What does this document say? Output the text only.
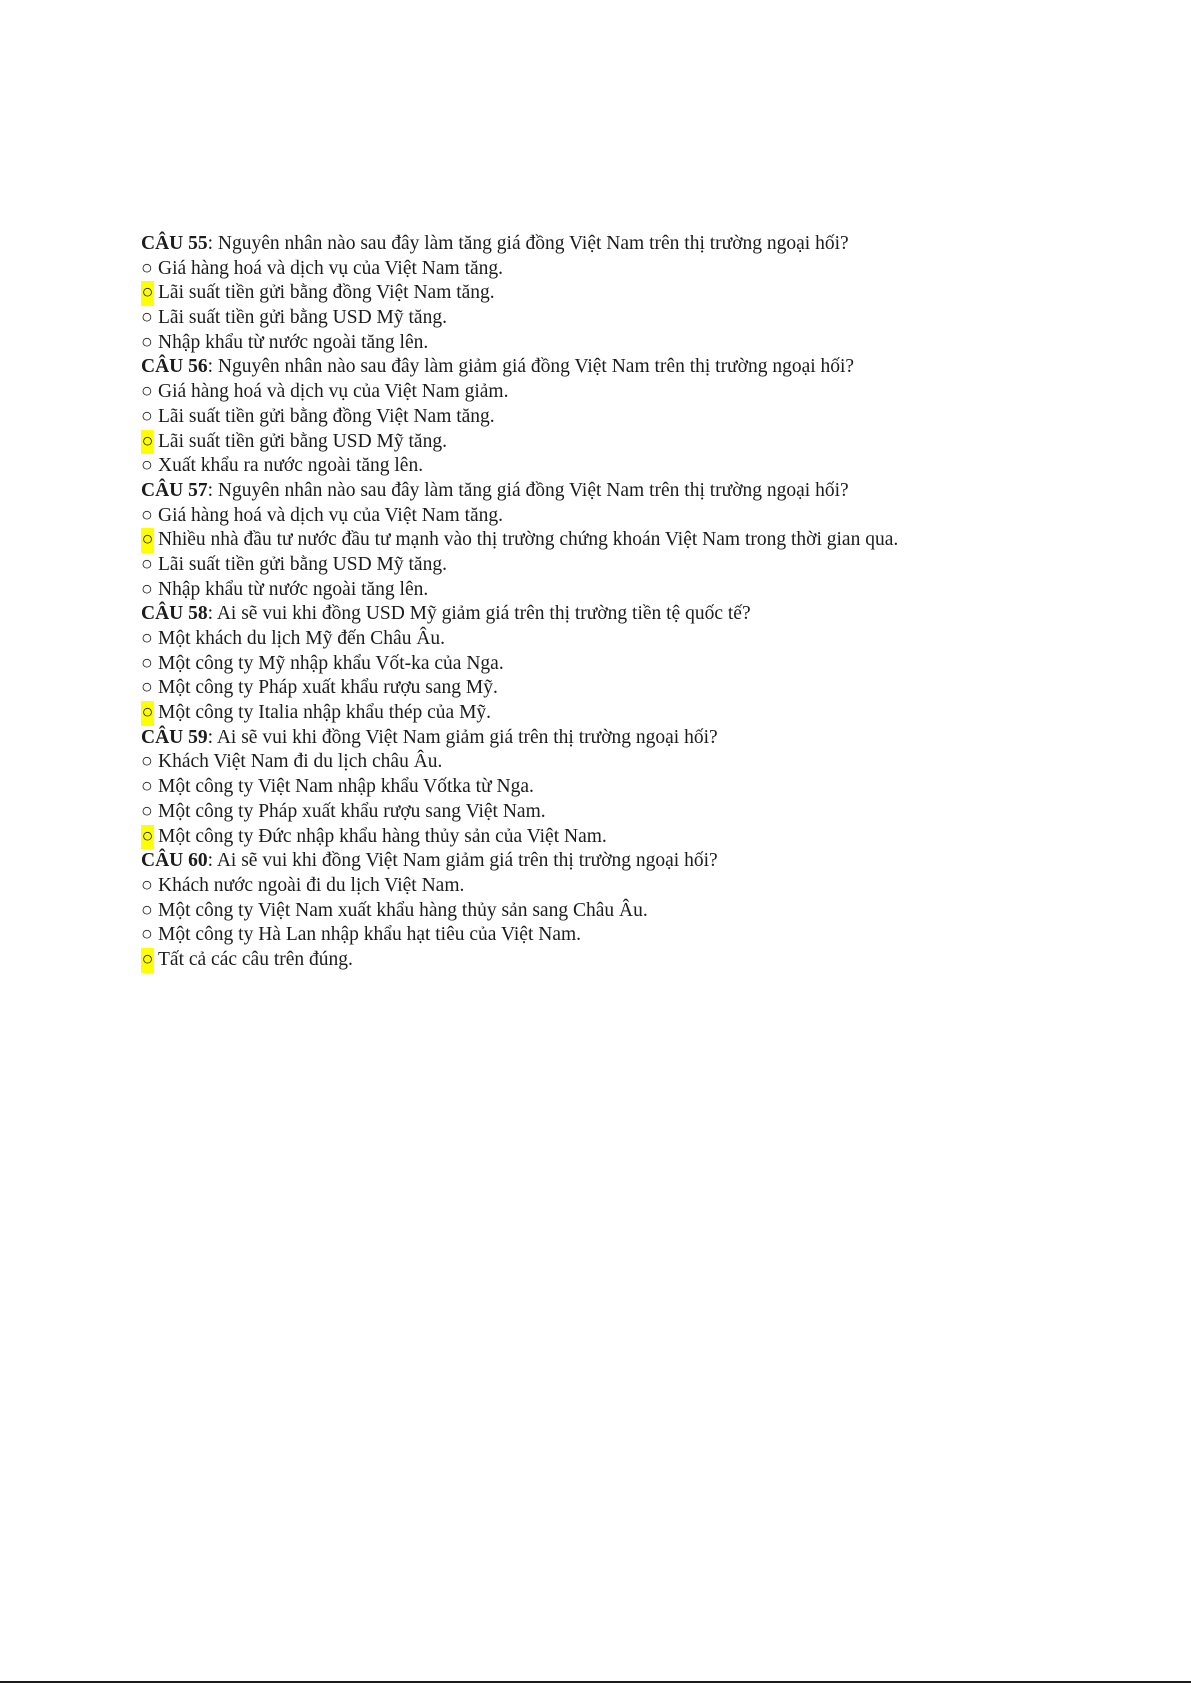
CÂU 55: Nguyên nhân nào sau đây làm tăng giá đồng Việt Nam trên thị trường ngoại hối?
○ Giá hàng hoá và dịch vụ của Việt Nam tăng.
○ Lãi suất tiền gửi bằng đồng Việt Nam tăng.
○ Lãi suất tiền gửi bằng USD Mỹ tăng.
○ Nhập khẩu từ nước ngoài tăng lên.
CÂU 56: Nguyên nhân nào sau đây làm giảm giá đồng Việt Nam trên thị trường ngoại hối?
○ Giá hàng hoá và dịch vụ của Việt Nam giảm.
○ Lãi suất tiền gửi bằng đồng Việt Nam tăng.
○ Lãi suất tiền gửi bằng USD Mỹ tăng.
○ Xuất khẩu ra nước ngoài tăng lên.
CÂU 57: Nguyên nhân nào sau đây làm tăng giá đồng Việt Nam trên thị trường ngoại hối?
○ Giá hàng hoá và dịch vụ của Việt Nam tăng.
○ Nhiều nhà đầu tư nước đầu tư mạnh vào thị trường chứng khoán Việt Nam trong thời gian qua.
○ Lãi suất tiền gửi bằng USD Mỹ tăng.
○ Nhập khẩu từ nước ngoài tăng lên.
CÂU 58: Ai sẽ vui khi đồng USD Mỹ giảm giá trên thị trường tiền tệ quốc tế?
○ Một khách du lịch Mỹ đến Châu Âu.
○ Một công ty Mỹ nhập khẩu Vốt-ka của Nga.
○ Một công ty Pháp xuất khẩu rượu sang Mỹ.
○ Một công ty Italia nhập khẩu thép của Mỹ.
CÂU 59: Ai sẽ vui khi đồng Việt Nam giảm giá trên thị trường ngoại hối?
○ Khách Việt Nam đi du lịch châu Âu.
○ Một công ty Việt Nam nhập khẩu Vốtka từ Nga.
○ Một công ty Pháp xuất khẩu rượu sang Việt Nam.
○ Một công ty Đức nhập khẩu hàng thủy sản của Việt Nam.
CÂU 60: Ai sẽ vui khi đồng Việt Nam giảm giá trên thị trường ngoại hối?
○ Khách nước ngoài đi du lịch Việt Nam.
○ Một công ty Việt Nam xuất khẩu hàng thủy sản sang Châu Âu.
○ Một công ty Hà Lan nhập khẩu hạt tiêu của Việt Nam.
○ Tất cả các câu trên đúng.
